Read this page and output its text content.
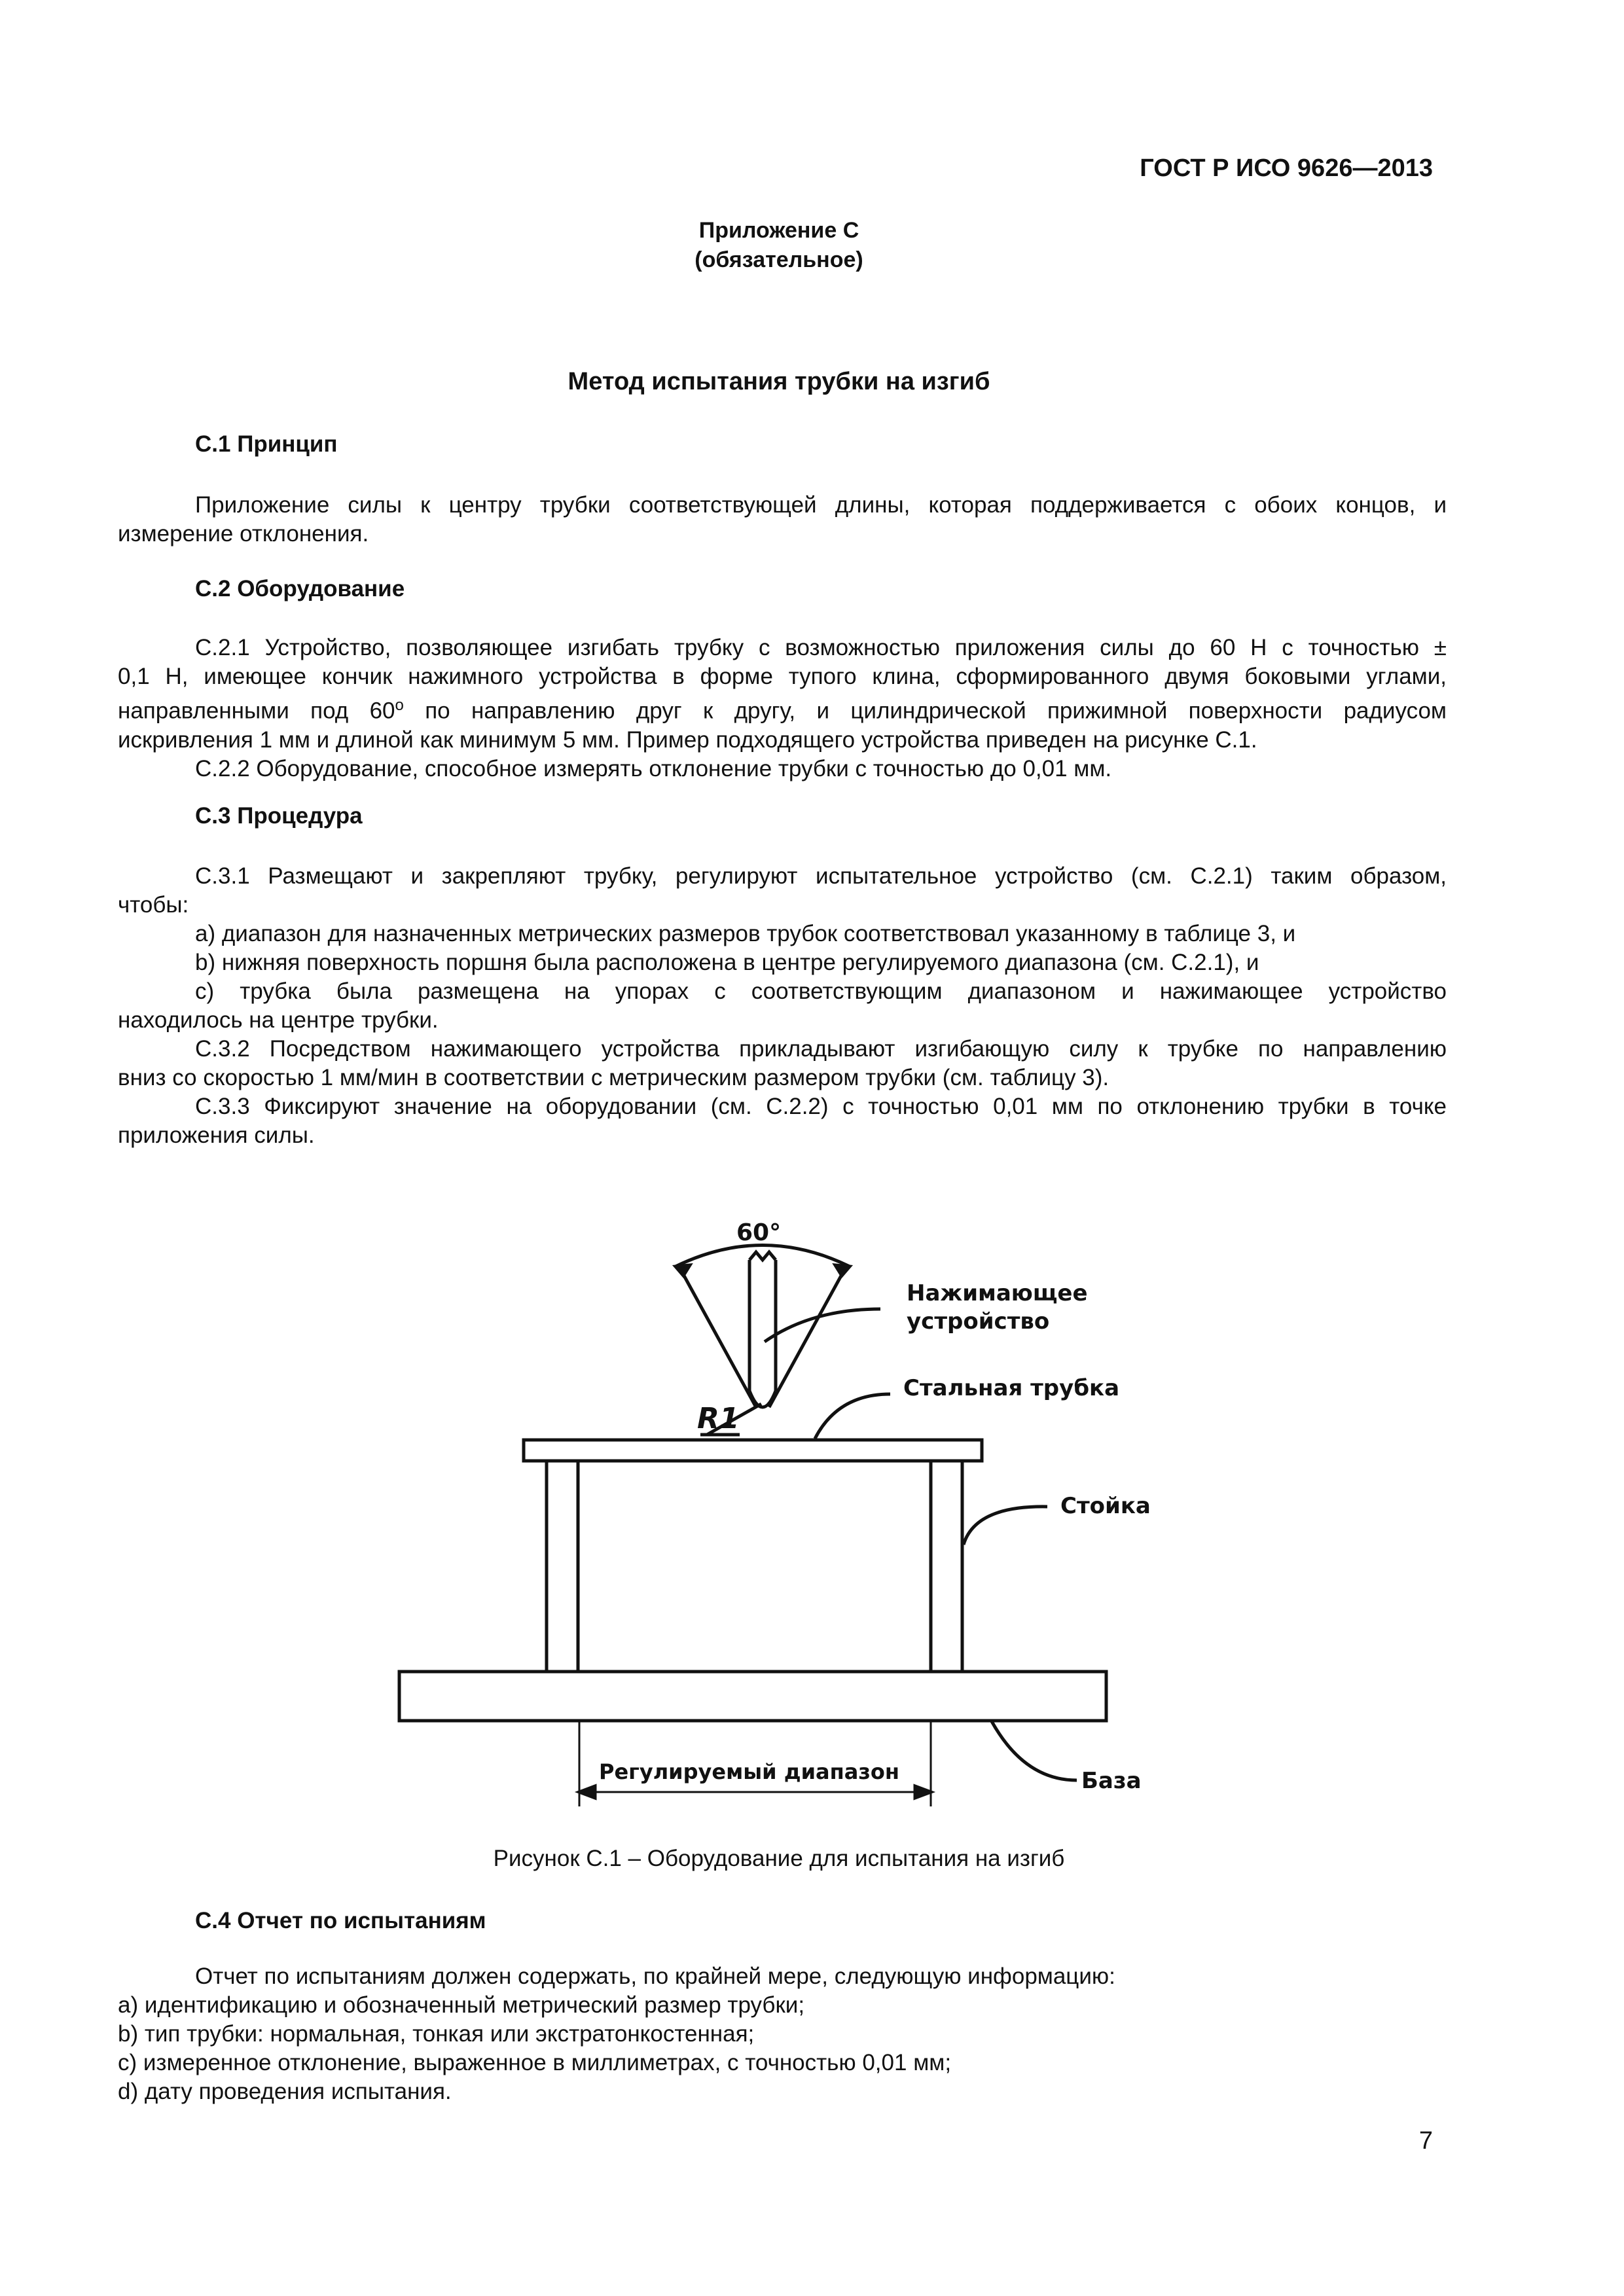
ГОСТ Р ИСО 9626—2013
Приложение С
(обязательное)
Метод испытания трубки на изгиб
С.1 Принцип

Приложение силы к центру трубки соответствующей длины, которая поддерживается с обоих концов, и

измерение отклонения.

С.2 Оборудование

С.2.1 Устройство, позволяющее изгибать трубку с возможностью приложения силы до 60 Н с точностью ±

0,1 Н, имеющее кончик нажимного устройства в форме тупого клина, сформированного двумя боковыми углами,

направленными под $60^о$ по направлению друг к другу, и цилиндрической прижимной поверхности радиусом

искривления 1 мм и длиной как минимум 5 мм. Пример подходящего устройства приведен на рисунке С.1.

С.2.2 Оборудование, способное измерять отклонение трубки с точностью до 0,01 мм.

С.3 Процедура

С.3.1 Размещают и закрепляют трубку, регулируют испытательное устройство (см. С.2.1) таким образом,

чтобы:

a) диапазон для назначенных метрических размеров трубок соответствовал указанному в таблице 3, и

b) нижняя поверхность поршня была расположена в центре регулируемого диапазона (см. С.2.1), и

c) трубка была размещена на упорах с соответствующим диапазоном и нажимающее устройство

находилось на центре трубки.

С.3.2 Посредством нажимающего устройства прикладывают изгибающую силу к трубке по направлению

вниз со скоростью 1 мм/мин в соответствии с метрическим размером трубки (см. таблицу 3).

С.3.3 Фиксируют значение на оборудовании (см. С.2.2) с точностью 0,01 мм по отклонению трубки в точке

приложения силы.

60°
R1
Нажимающее
устройство
Стальная трубка
Стойка
Регулируемый диапазон	База
Рисунок С.1 – Оборудование для испытания на изгиб
С.4 Отчет по испытаниям

Отчет по испытаниям должен содержать, по крайней мере, следующую информацию:

a) идентификацию и обозначенный метрический размер трубки;

b) тип трубки: нормальная, тонкая или экстратонкостенная;

c) измеренное отклонение, выраженное в миллиметрах, с точностью 0,01 мм;

d) дату проведения испытания.

7
